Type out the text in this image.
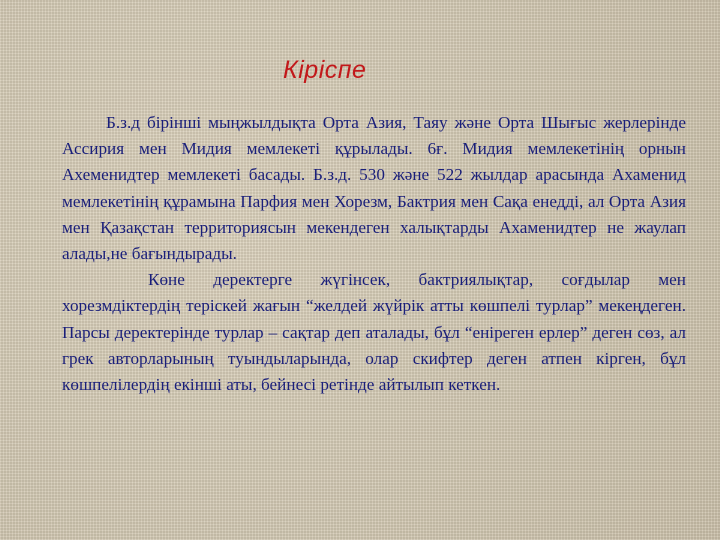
Кіріспе

Б.з.д бірінші мыңжылдықта Орта Азия, Таяу және Орта Шығыс жерлерінде Ассирия мен Мидия мемлекеті құрылады. 6ғ. Мидия мемлекетінің орнын Ахеменидтер мемлекеті басады. Б.з.д. 530 және 522 жылдар арасында Ахаменид мемлекетінің құрамына Парфия мен Хорезм, Бактрия мен Сақа енедді, ал Орта Азия мен Қазақстан территориясын мекендеген халықтарды Ахаменидтер не жаулап алады,не бағындырады.

Көне деректерге жүгінсек, бактриялықтар, соғдылар мен хорезмдіктердің теріскей жағын “желдей жүйрік атты көшпелі турлар” мекеңдеген. Парсы деректерінде турлар – сақтар деп аталады, бұл “еніреген ерлер” деген сөз, ал грек авторларының туындыларында, олар скифтер деген атпен кірген, бұл көшпелілердің екінші аты, бейнесі ретінде айтылып кеткен.
